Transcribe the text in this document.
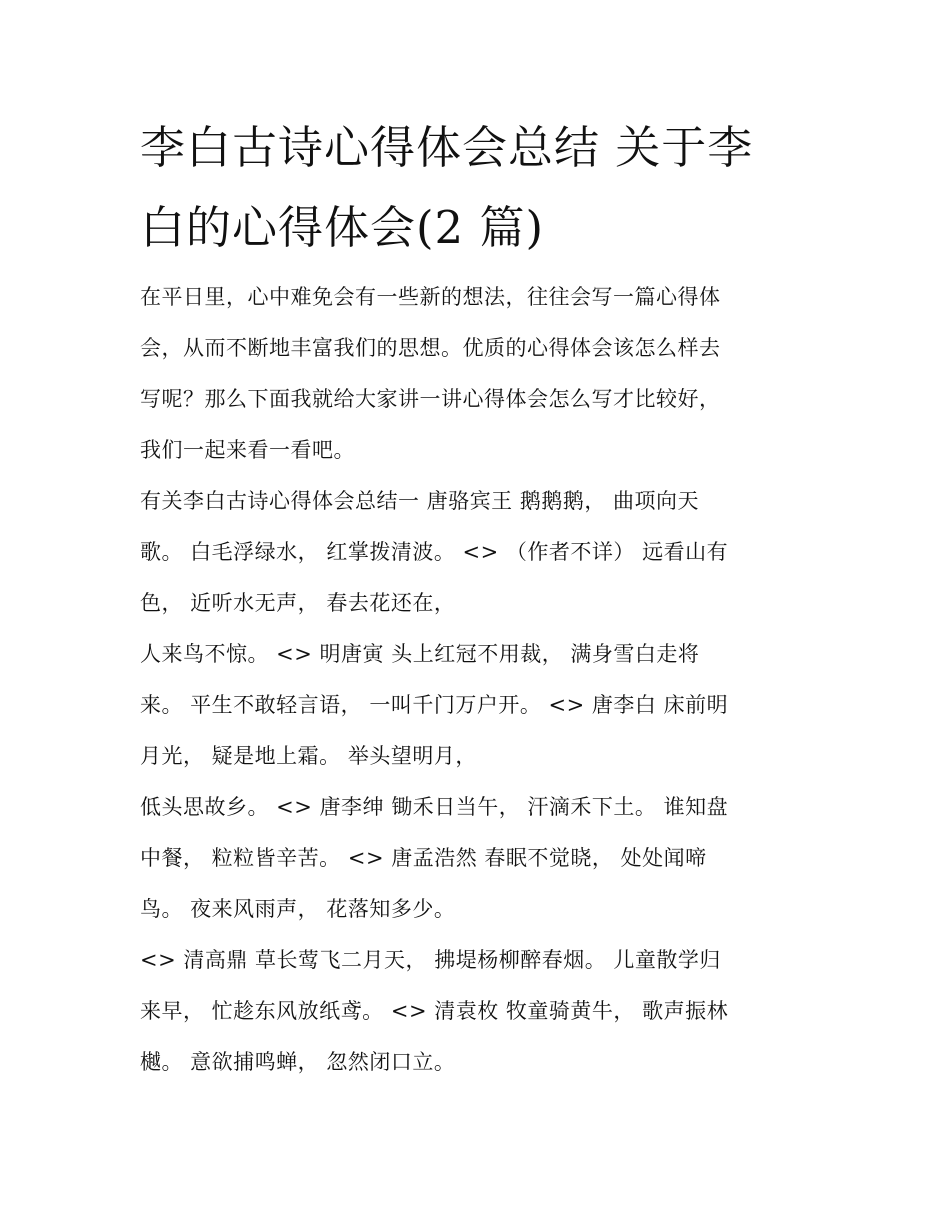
李白古诗心得体会总结 关于李
白的心得体会(2 篇)
在平日里，心中难免会有一些新的想法，往往会写一篇心得体
会，从而不断地丰富我们的思想。优质的心得体会该怎么样去
写呢？那么下面我就给大家讲一讲心得体会怎么写才比较好，
我们一起来看一看吧。
有关李白古诗心得体会总结一 唐骆宾王 鹅鹅鹅， 曲项向天
歌。 白毛浮绿水， 红掌拨清波。 <> （作者不详） 远看山有
色， 近听水无声， 春去花还在，
人来鸟不惊。 <> 明唐寅 头上红冠不用裁， 满身雪白走将
来。 平生不敢轻言语， 一叫千门万户开。 <> 唐李白 床前明
月光， 疑是地上霜。 举头望明月，
低头思故乡。 <> 唐李绅 锄禾日当午， 汗滴禾下土。 谁知盘
中餐， 粒粒皆辛苦。 <> 唐孟浩然 春眠不觉晓， 处处闻啼
鸟。 夜来风雨声， 花落知多少。
<> 清高鼎 草长莺飞二月天， 拂堤杨柳醉春烟。 儿童散学归
来早， 忙趁东风放纸鸢。 <> 清袁枚 牧童骑黄牛， 歌声振林
樾。 意欲捕鸣蝉， 忽然闭口立。
